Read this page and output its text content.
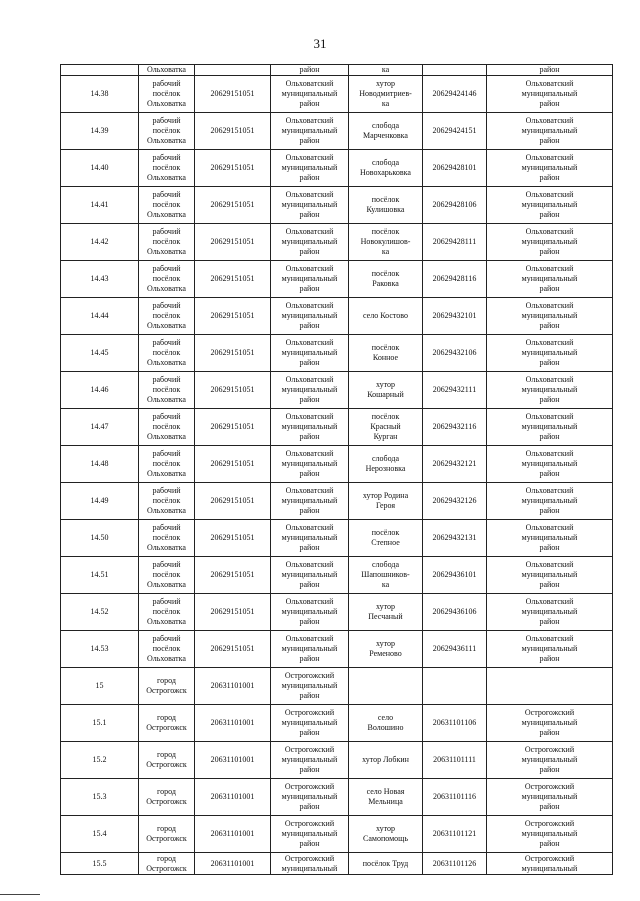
31
	Ольховатка		район	ка		район
14.38	рабочий
посёлок
Ольховатка	20629151051	Ольховатский
муниципальный
район	хутор
Новодмитриев-
ка	20629424146	Ольховатский
муниципальный
район
14.39	рабочий
посёлок
Ольховатка	20629151051	Ольховатский
муниципальный
район	слобода
Марченковка	20629424151	Ольховатский
муниципальный
район
14.40	рабочий
посёлок
Ольховатка	20629151051	Ольховатский
муниципальный
район	слобода
Новохарьковка	20629428101	Ольховатский
муниципальный
район
14.41	рабочий
посёлок
Ольховатка	20629151051	Ольховатский
муниципальный
район	посёлок
Кулишовка	20629428106	Ольховатский
муниципальный
район
14.42	рабочий
посёлок
Ольховатка	20629151051	Ольховатский
муниципальный
район	посёлок
Новокулишов-
ка	20629428111	Ольховатский
муниципальный
район
14.43	рабочий
посёлок
Ольховатка	20629151051	Ольховатский
муниципальный
район	посёлок
Раковка	20629428116	Ольховатский
муниципальный
район
14.44	рабочий
посёлок
Ольховатка	20629151051	Ольховатский
муниципальный
район	село Костово	20629432101	Ольховатский
муниципальный
район
14.45	рабочий
посёлок
Ольховатка	20629151051	Ольховатский
муниципальный
район	посёлок
Конное	20629432106	Ольховатский
муниципальный
район
14.46	рабочий
посёлок
Ольховатка	20629151051	Ольховатский
муниципальный
район	хутор
Кошарный	20629432111	Ольховатский
муниципальный
район
14.47	рабочий
посёлок
Ольховатка	20629151051	Ольховатский
муниципальный
район	посёлок
Красный
Курган	20629432116	Ольховатский
муниципальный
район
14.48	рабочий
посёлок
Ольховатка	20629151051	Ольховатский
муниципальный
район	слобода
Нерознoвка	20629432121	Ольховатский
муниципальный
район
14.49	рабочий
посёлок
Ольховатка	20629151051	Ольховатский
муниципальный
район	хутор Родина
Героя	20629432126	Ольховатский
муниципальный
район
14.50	рабочий
посёлок
Ольховатка	20629151051	Ольховатский
муниципальный
район	посёлок
Степное	20629432131	Ольховатский
муниципальный
район
14.51	рабочий
посёлок
Ольховатка	20629151051	Ольховатский
муниципальный
район	слобода
Шапошников-
ка	20629436101	Ольховатский
муниципальный
район
14.52	рабочий
посёлок
Ольховатка	20629151051	Ольховатский
муниципальный
район	хутор
Песчаный	20629436106	Ольховатский
муниципальный
район
14.53	рабочий
посёлок
Ольховатка	20629151051	Ольховатский
муниципальный
район	хутор
Ременово	20629436111	Ольховатский
муниципальный
район
15	город
Острогожск	20631101001	Острогожский
муниципальный
район			
15.1	город
Острогожск	20631101001	Острогожский
муниципальный
район	село
Волошино	20631101106	Острогожский
муниципальный
район
15.2	город
Острогожск	20631101001	Острогожский
муниципальный
район	хутор Лобкин	20631101111	Острогожский
муниципальный
район
15.3	город
Острогожск	20631101001	Острогожский
муниципальный
район	село Новая
Мельница	20631101116	Острогожский
муниципальный
район
15.4	город
Острогожск	20631101001	Острогожский
муниципальный
район	хутор
Самопомощь	20631101121	Острогожский
муниципальный
район
15.5	город
Острогожск	20631101001	Острогожский
муниципальный	посёлок Труд	20631101126	Острогожский
муниципальный
